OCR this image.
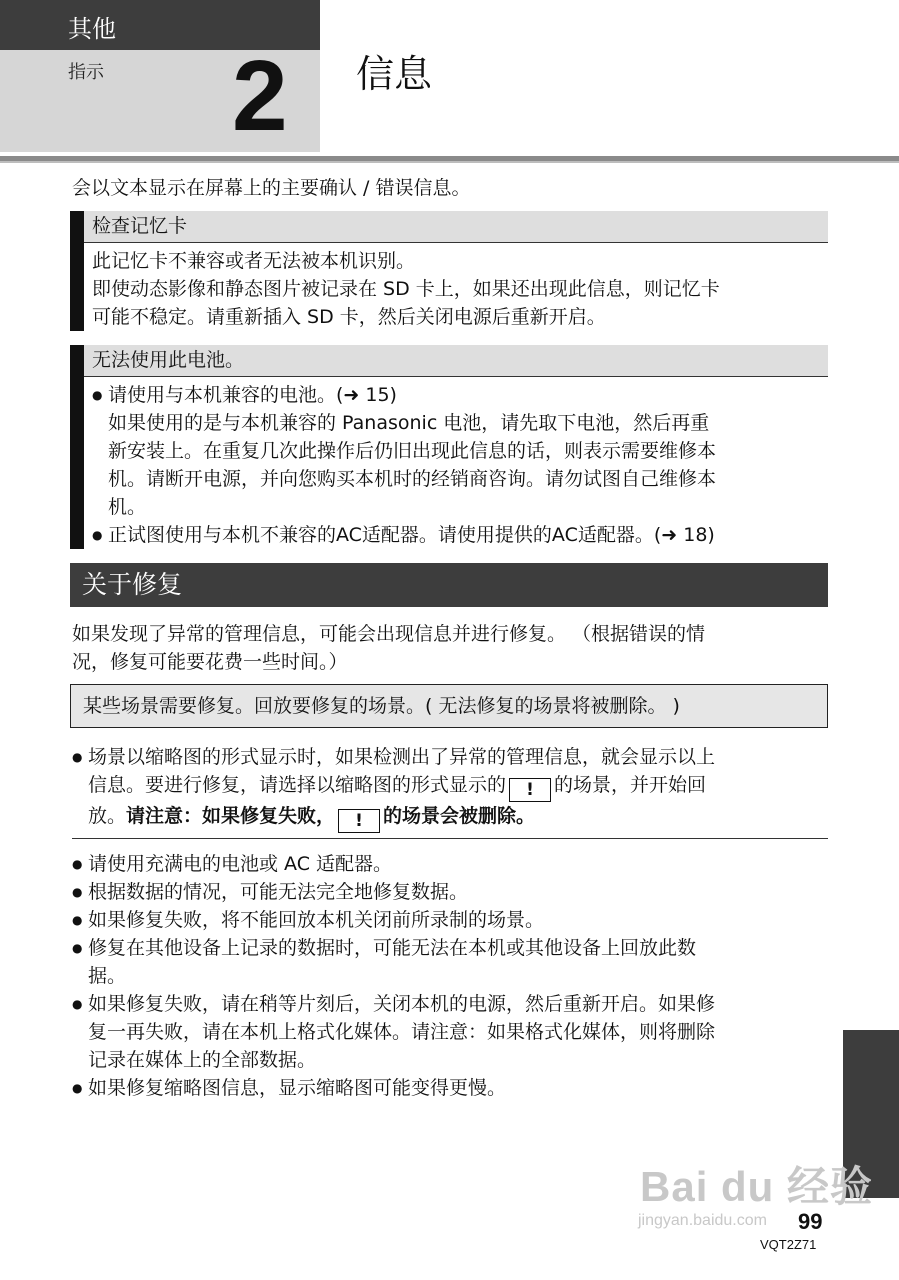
其他
指示 2 信息
会以文本显示在屏幕上的主要确认 / 错误信息。
检查记忆卡
此记忆卡不兼容或者无法被本机识别。
即使动态影像和静态图片被记录在 SD 卡上，如果还出现此信息，则记忆卡
可能不稳定。请重新插入 SD 卡，然后关闭电源后重新开启。
无法使用此电池。
● 请使用与本机兼容的电池。(➜ 15)
如果使用的是与本机兼容的 Panasonic 电池，请先取下电池，然后再重
新安装上。在重复几次此操作后仍旧出现此信息的话，则表示需要维修本
机。请断开电源，并向您购买本机时的经销商咨询。请勿试图自己维修本
机。
● 正试图使用与本机不兼容的AC适配器。请使用提供的AC适配器。(➜ 18)
关于修复
如果发现了异常的管理信息，可能会出现信息并进行修复。 （根据错误的情
况，修复可能要花费一些时间。）
某些场景需要修复。回放要修复的场景。( 无法修复的场景将被删除。 )
● 场景以缩略图的形式显示时，如果检测出了异常的管理信息，就会显示以上
信息。要进行修复，请选择以缩略图的形式显示的 ! 的场景，并开始回
放。请注意：如果修复失败， ! 的场景会被删除。
● 请使用充满电的电池或 AC 适配器。
● 根据数据的情况，可能无法完全地修复数据。
● 如果修复失败，将不能回放本机关闭前所录制的场景。
● 修复在其他设备上记录的数据时，可能无法在本机或其他设备上回放此数
据。
● 如果修复失败，请在稍等片刻后，关闭本机的电源，然后重新开启。如果修
复一再失败，请在本机上格式化媒体。请注意：如果格式化媒体，则将删除
记录在媒体上的全部数据。
● 如果修复缩略图信息，显示缩略图可能变得更慢。
Bai du 经验
jingyan.baidu.com 99
VQT2Z71
